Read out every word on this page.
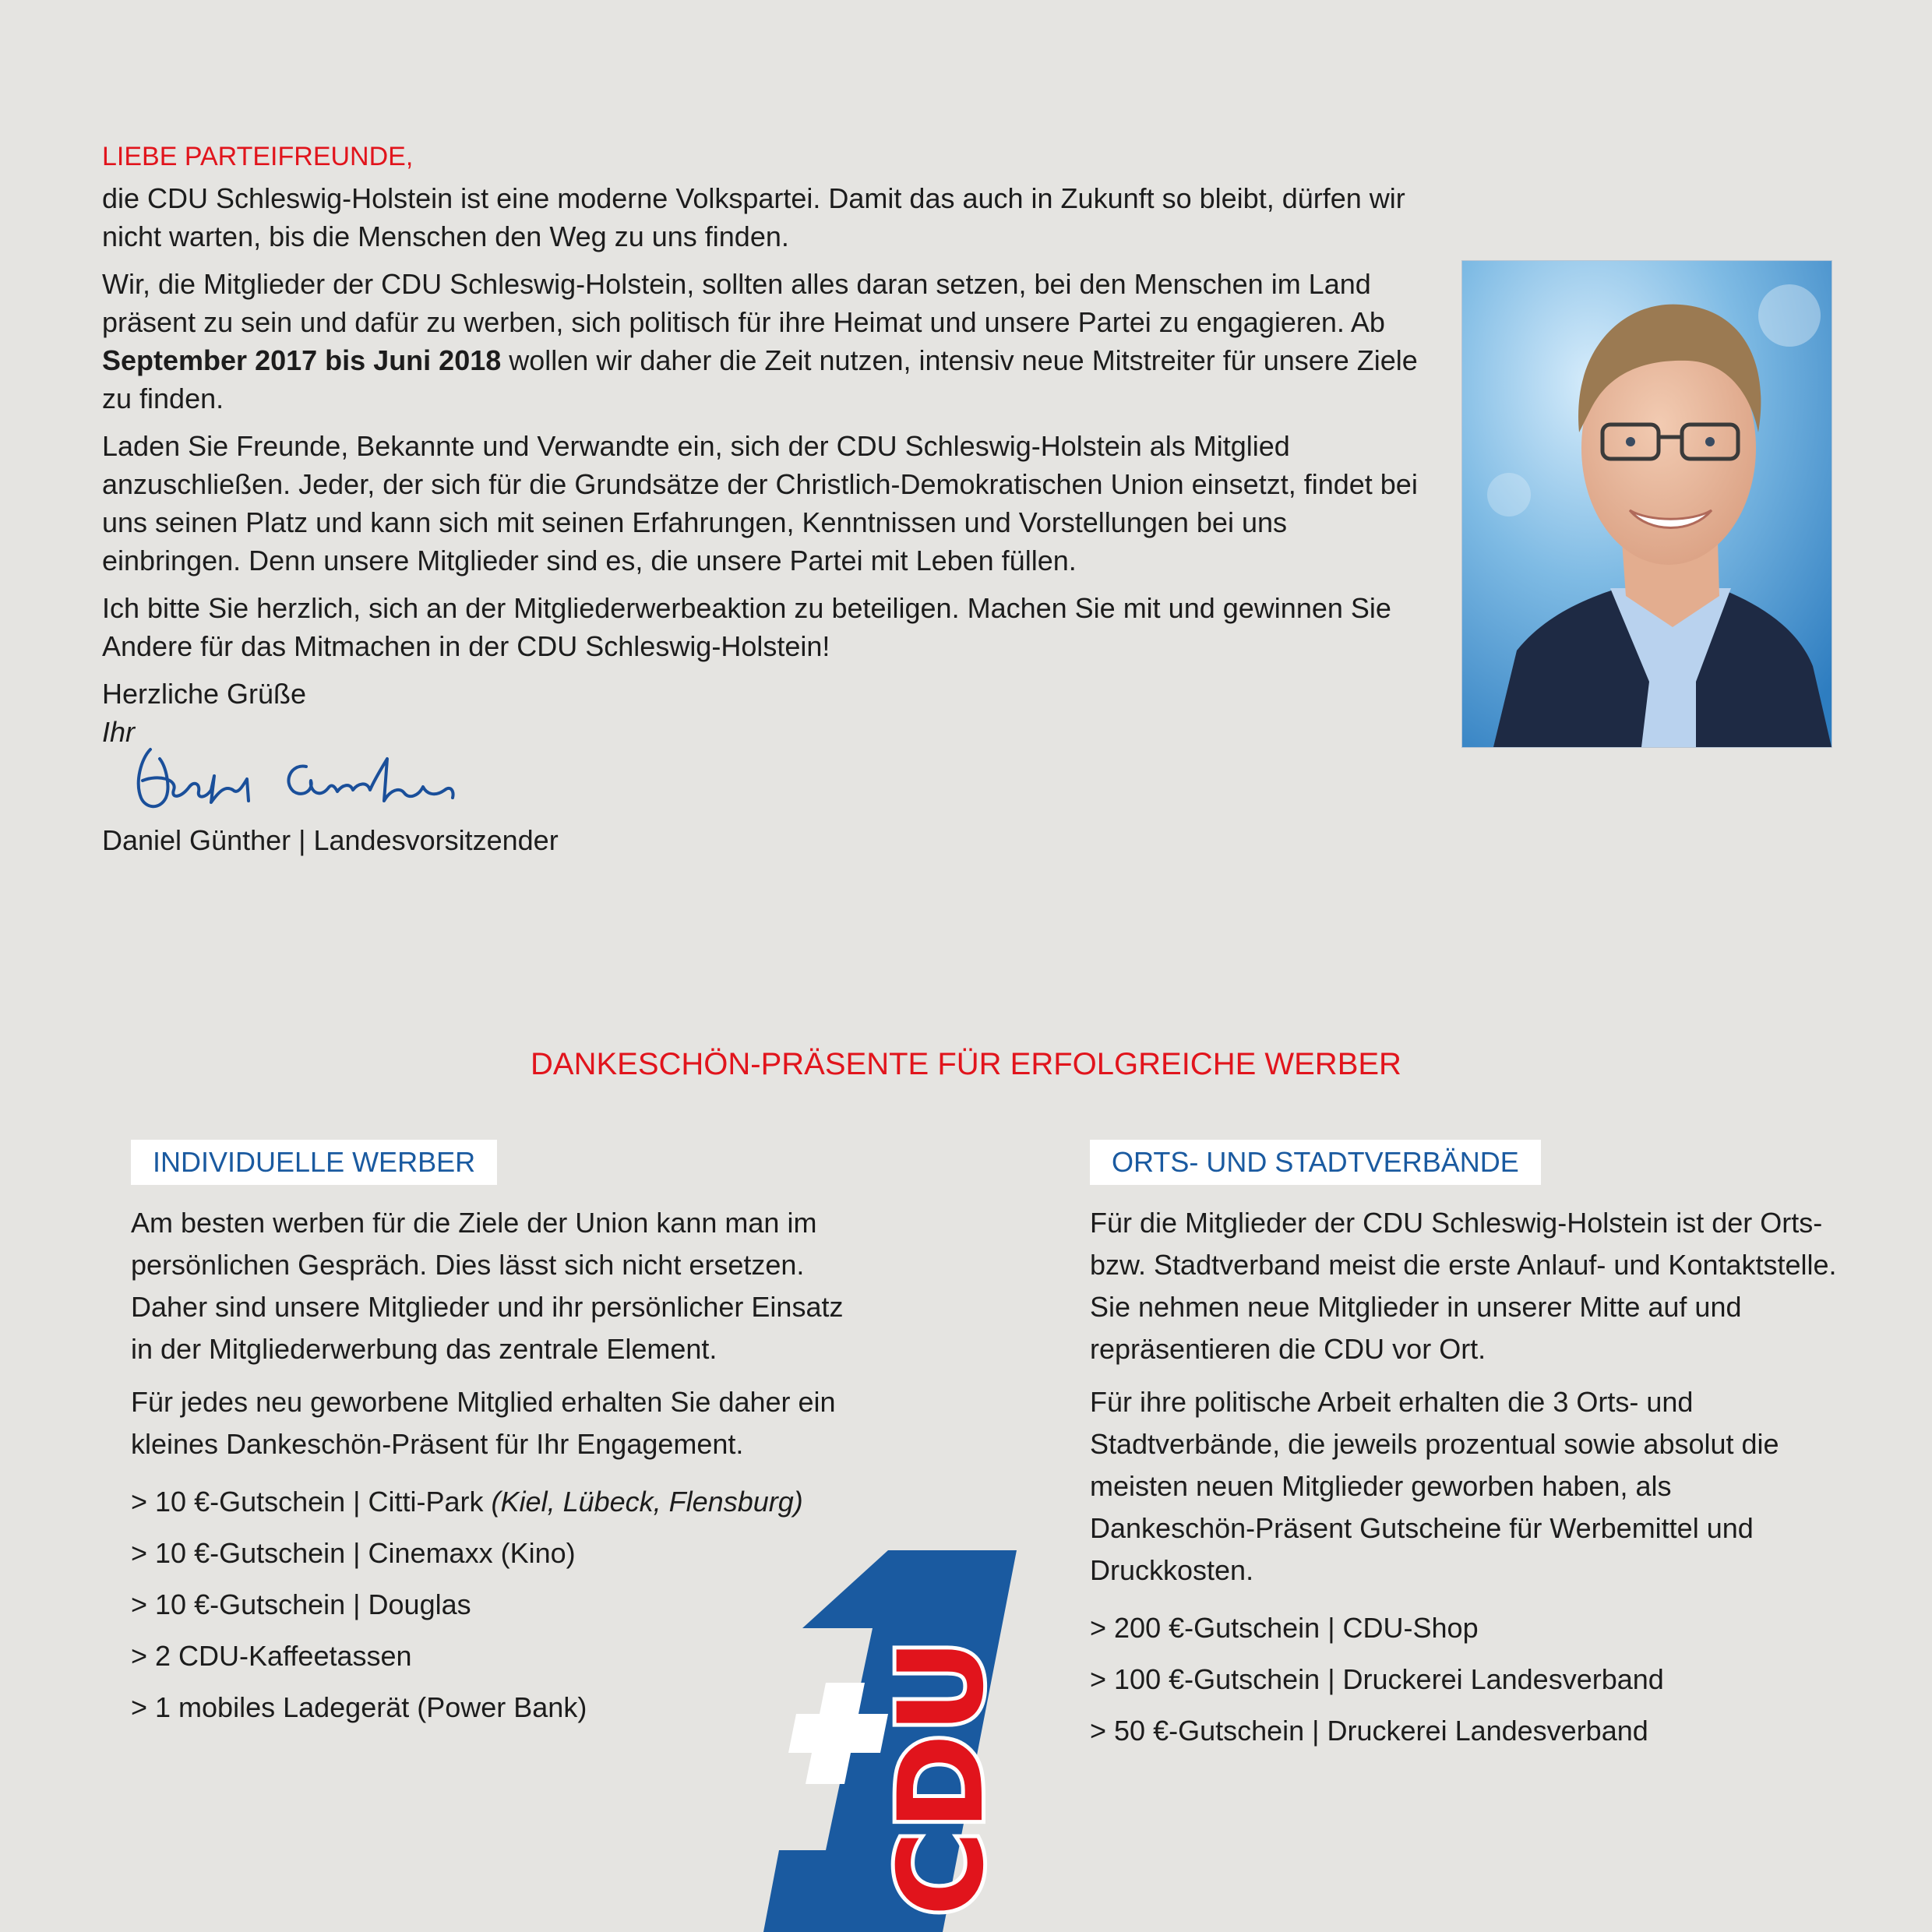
LIEBE PARTEIFREUNDE,

die CDU Schleswig-Holstein ist eine moderne Volkspartei. Damit das auch in Zukunft so bleibt, dürfen wir nicht warten, bis die Menschen den Weg zu uns finden.

Wir, die Mitglieder der CDU Schleswig-Holstein, sollten alles daran setzen, bei den Menschen im Land präsent zu sein und dafür zu werben, sich politisch für ihre Heimat und unsere Partei zu engagieren. Ab September 2017 bis Juni 2018 wollen wir daher die Zeit nutzen, intensiv neue Mitstreiter für unsere Ziele zu finden.

Laden Sie Freunde, Bekannte und Verwandte ein, sich der CDU Schleswig-Holstein als Mitglied anzuschließen. Jeder, der sich für die Grundsätze der Christlich-Demokratischen Union einsetzt, findet bei uns seinen Platz und kann sich mit seinen Erfahrungen, Kenntnissen und Vorstellungen bei uns einbringen. Denn unsere Mitglieder sind es, die unsere Partei mit Leben füllen.

Ich bitte Sie herzlich, sich an der Mitgliederwerbeaktion zu beteiligen. Machen Sie mit und gewinnen Sie Andere für das Mitmachen in der CDU Schleswig-Holstein!

Herzliche Grüße

Ihr

Daniel Günther | Landesvorsitzender
DANKESCHÖN-PRÄSENTE FÜR ERFOLGREICHE WERBER
INDIVIDUELLE WERBER

Am besten werben für die Ziele der Union kann man im persönlichen Gespräch. Dies lässt sich nicht ersetzen. Daher sind unsere Mitglieder und ihr persönlicher Einsatz in der Mitgliederwerbung das zentrale Element.

Für jedes neu geworbene Mitglied erhalten Sie daher ein kleines Dankeschön-Präsent für Ihr Engagement.

> 10 €-Gutschein | Citti-Park (Kiel, Lübeck, Flensburg)
> 10 €-Gutschein | Cinemaxx (Kino)
> 10 €-Gutschein | Douglas
> 2 CDU-Kaffeetassen
> 1 mobiles Ladegerät (Power Bank)
ORTS- UND STADTVERBÄNDE

Für die Mitglieder der CDU Schleswig-Holstein ist der Orts- bzw. Stadtverband meist die erste Anlauf- und Kontaktstelle. Sie nehmen neue Mitglieder in unserer Mitte auf und repräsentieren die CDU vor Ort.

Für ihre politische Arbeit erhalten die 3 Orts- und Stadtverbände, die jeweils prozentual sowie absolut die meisten neuen Mitglieder geworben haben, als Dankeschön-Präsent Gutscheine für Werbemittel und Druckkosten.

> 200 €-Gutschein | CDU-Shop
> 100 €-Gutschein | Druckerei Landesverband
> 50 €-Gutschein | Druckerei Landesverband
CDU
